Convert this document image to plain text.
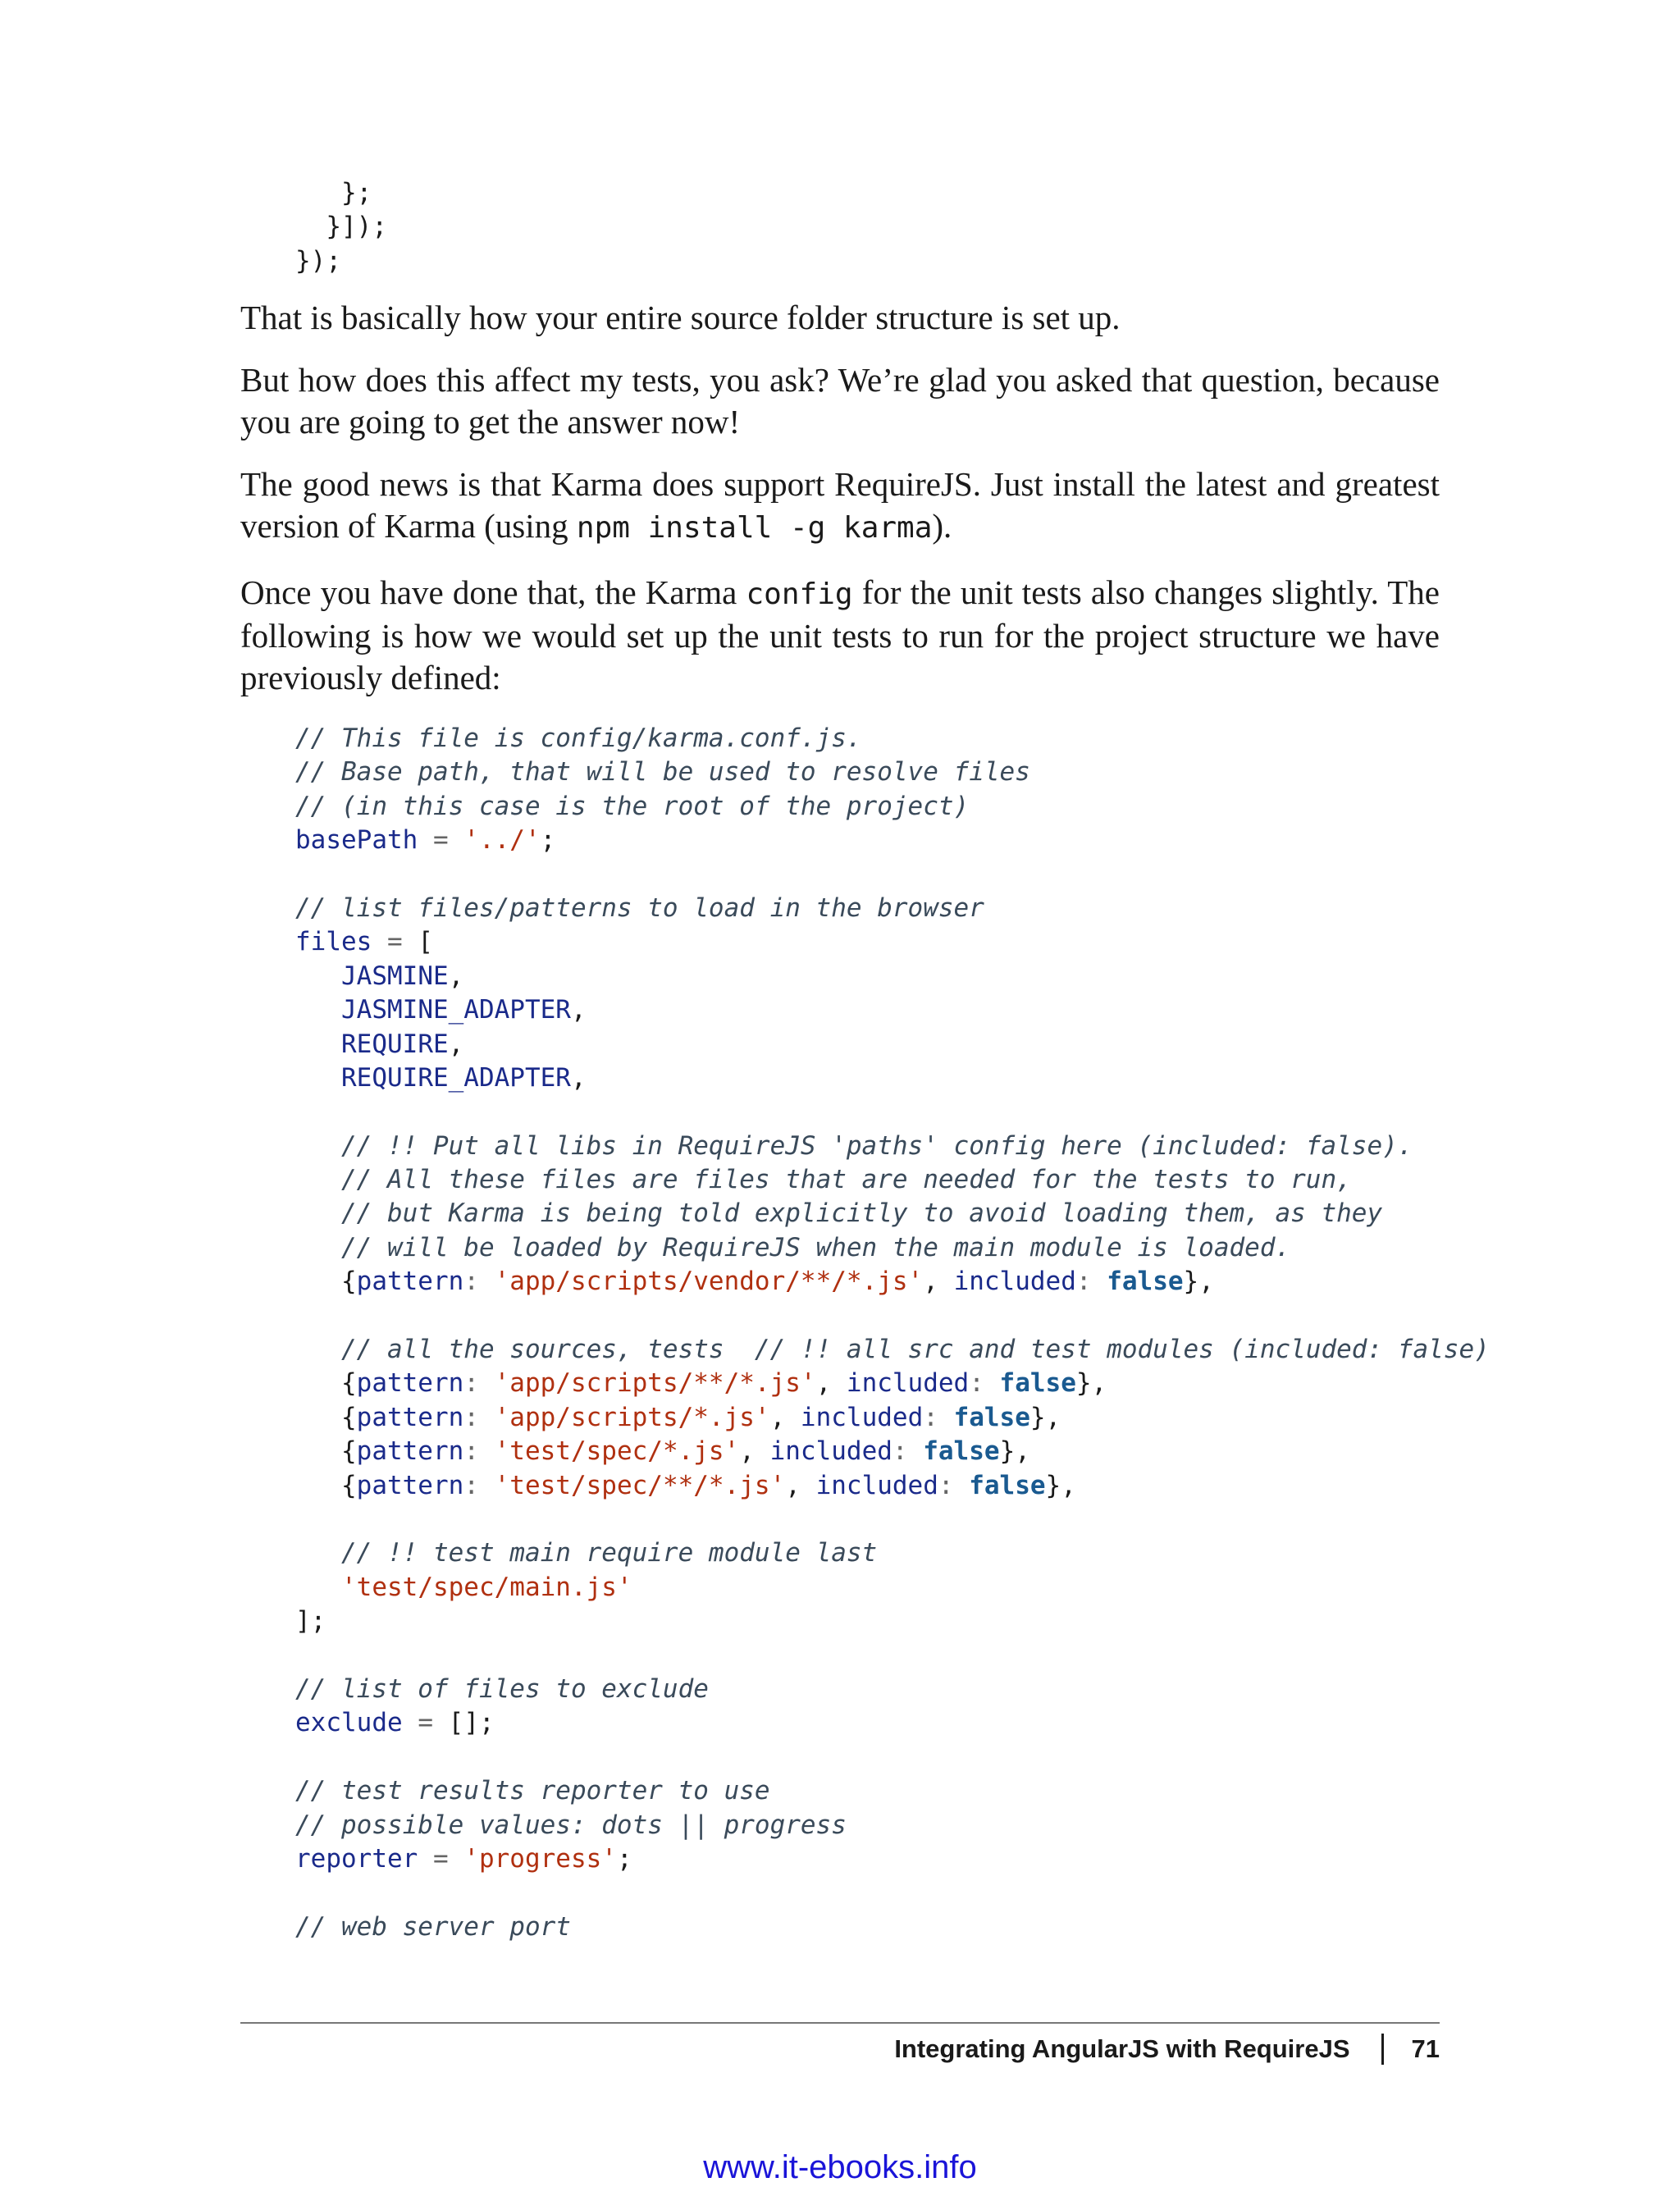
};
}]);
});

That is basically how your entire source folder structure is set up.

But how does this affect my tests, you ask? We’re glad you asked that question, because you are going to get the answer now!

The good news is that Karma does support RequireJS. Just install the latest and greatest version of Karma (using npm install -g karma).

Once you have done that, the Karma config for the unit tests also changes slightly. The following is how we would set up the unit tests to run for the project structure we have previously defined:

// This file is config/karma.conf.js.
// Base path, that will be used to resolve files
// (in this case is the root of the project)
basePath = '../';

// list files/patterns to load in the browser
files = [
JASMINE,
JASMINE_ADAPTER,
REQUIRE,
REQUIRE_ADAPTER,

// !! Put all libs in RequireJS 'paths' config here (included: false).
// All these files are files that are needed for the tests to run,
// but Karma is being told explicitly to avoid loading them, as they
// will be loaded by RequireJS when the main module is loaded.
{pattern: 'app/scripts/vendor/**/*.js', included: false},

// all the sources, tests  // !! all src and test modules (included: false)
{pattern: 'app/scripts/**/*.js', included: false},
{pattern: 'app/scripts/*.js', included: false},
{pattern: 'test/spec/*.js', included: false},
{pattern: 'test/spec/**/*.js', included: false},

// !! test main require module last
'test/spec/main.js'
];

// list of files to exclude
exclude = [];

// test results reporter to use
// possible values: dots || progress
reporter = 'progress';

// web server port
Integrating AngularJS with RequireJS 71
www.it-ebooks.info
